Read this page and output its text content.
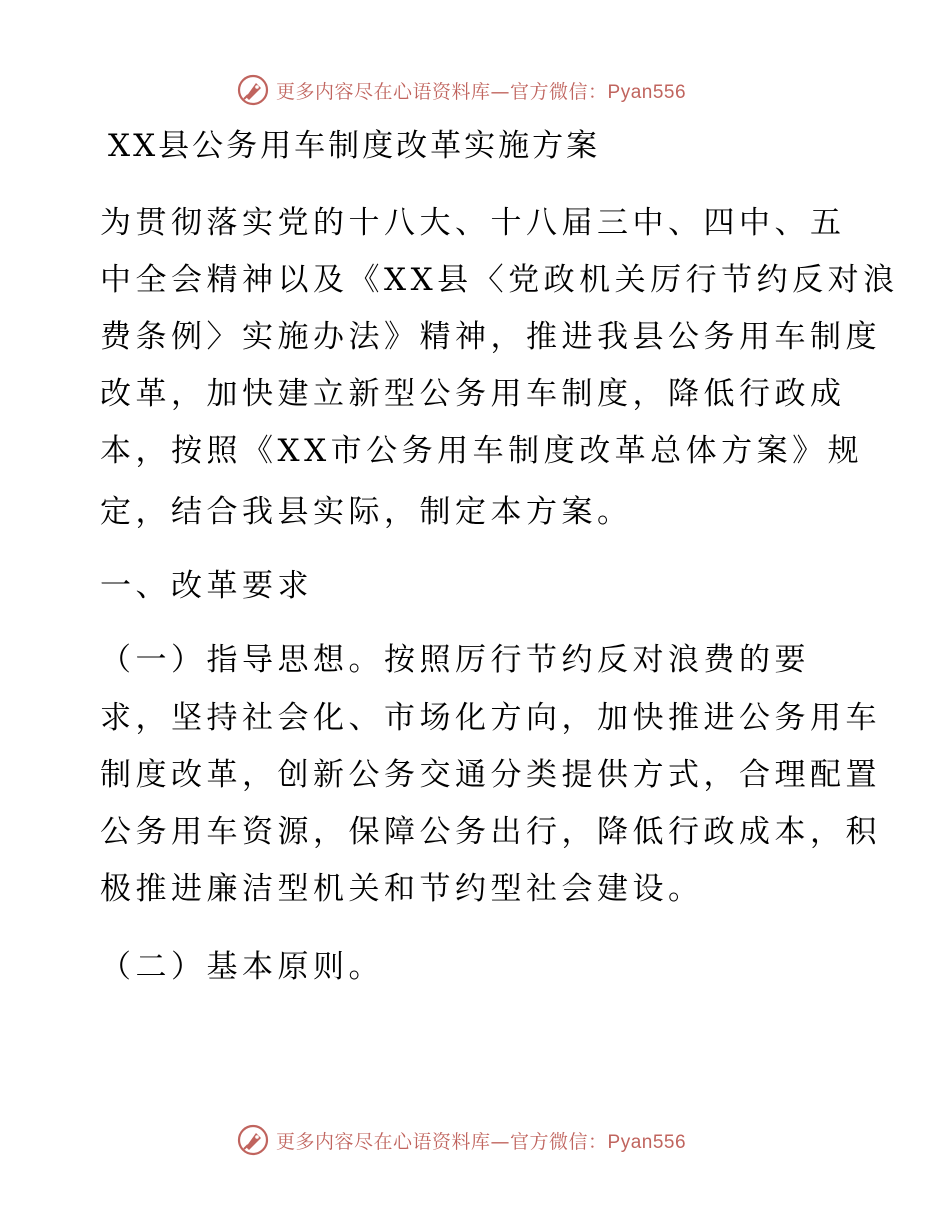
更多内容尽在心语资料库—官方微信：Pyan556
XX县公务用车制度改革实施方案
为贯彻落实党的十八大、十八届三中、四中、五
中全会精神以及《XX县〈党政机关厉行节约反对浪
费条例〉实施办法》精神，推进我县公务用车制度
改革，加快建立新型公务用车制度，降低行政成
本，按照《XX市公务用车制度改革总体方案》规
定，结合我县实际，制定本方案。
一、改革要求
（一）指导思想。按照厉行节约反对浪费的要
求，坚持社会化、市场化方向，加快推进公务用车
制度改革，创新公务交通分类提供方式，合理配置
公务用车资源，保障公务出行，降低行政成本，积
极推进廉洁型机关和节约型社会建设。
（二）基本原则。
更多内容尽在心语资料库—官方微信：Pyan556
